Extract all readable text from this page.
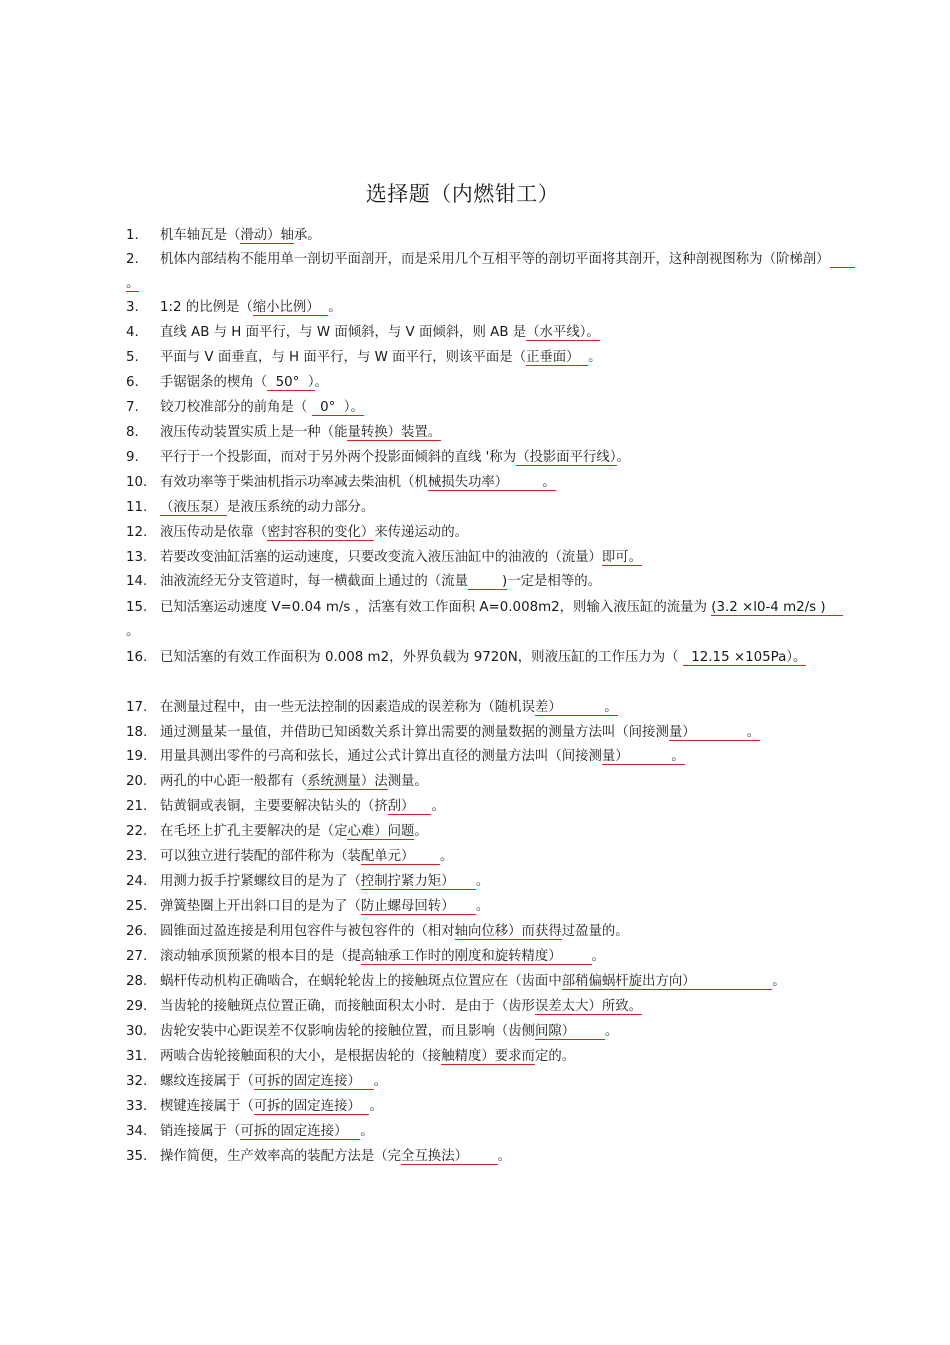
选择题（内燃钳工）
1. 机车轴瓦是（滑动）轴承。
2. 机体内部结构不能用单一剖切平面剖开，而是采用几个互相平等的剖切平面将其剖开，这种剖视图称为（阶梯剖）      。
3. 1:2 的比例是（缩小比例）  。
4. 直线 AB 与 H 面平行，与 W 面倾斜，与 V 面倾斜，则 AB 是（水平线）。
5. 平面与 V 面垂直，与 H 面平行，与 W 面平行，则该平面是（正垂面）  。
6. 手锯锯条的楔角（  50°  ）。
7. 铰刀校准部分的前角是（   0°  ）。
8. 液压传动装置实质上是一种（能量转换）装置。
9. 平行于一个投影面，而对于另外两个投影面倾斜的直线 '称为（投影面平行线）。
10. 有效功率等于柴油机指示功率减去柴油机（机械损失功率）        。
11. （液压泵）是液压系统的动力部分。
12. 液压传动是依靠（密封容积的变化）来传递运动的。
13. 若要改变油缸活塞的运动速度，只要改变流入液压油缸中的油液的（流量）即可。
14. 油液流经无分支管道时，每一横截面上通过的（流量        )一定是相等的。
15. 已知活塞运动速度 V=0.04 m/s ，活塞有效工作面积 A=0.008m2，则输入液压缸的流量为 (3.2 ×l0-4 m2/s )    。
16. 已知活塞的有效工作面积为 0.008 m2，外界负载为 9720N，则液压缸的工作压力为（   12.15 ×105Pa）。
17. 在测量过程中，由一些无法控制的因素造成的误差称为（随机误差）          。
18. 通过测量某一量值，并借助已知函数关系计算出需要的测量数据的测量方法叫（间接测量）            。
19. 用量具测出零件的弓高和弦长，通过公式计算出直径的测量方法叫（间接测量）          。
20. 两孔的中心距一般都有（系统测量）法测量。
21. 钻黄铜或表铜，主要要解决钻头的（挤刮）    。
22. 在毛坯上扩孔主要解决的是（定心难）问题。
23. 可以独立进行装配的部件称为（装配单元）      。
24. 用测力扳手拧紧螺纹目的是为了（控制拧紧力矩）     。
25. 弹簧垫圈上开出斜口目的是为了（防止螺母回转）     。
26. 圆锥面过盈连接是利用包容件与被包容件的（相对轴向位移）而获得过盈量的。
27. 滚动轴承顶预紧的根本目的是（提高轴承工作时的刚度和旋转精度）       。
28. 蜗杆传动机构正确啮合，在蜗轮轮齿上的接触斑点位置应在（齿面中部稍偏蜗杆旋出方向）                  。
29. 当齿轮的接触斑点位置正确，而接触面积太小时．是由于（齿形误差太大）所致。
30. 齿轮安装中心距误差不仅影响齿轮的接触位置，而且影响（齿侧间隙）       。
31. 两啮合齿轮接触面积的大小，是根据齿轮的（接触精度）要求而定的。
32. 螺纹连接属于（可拆的固定连接）   。
33. 楔键连接属于（可拆的固定连接）  。
34. 销连接属于（可拆的固定连接）   。
35. 操作简便，生产效率高的装配方法是（完全互换法）       。
